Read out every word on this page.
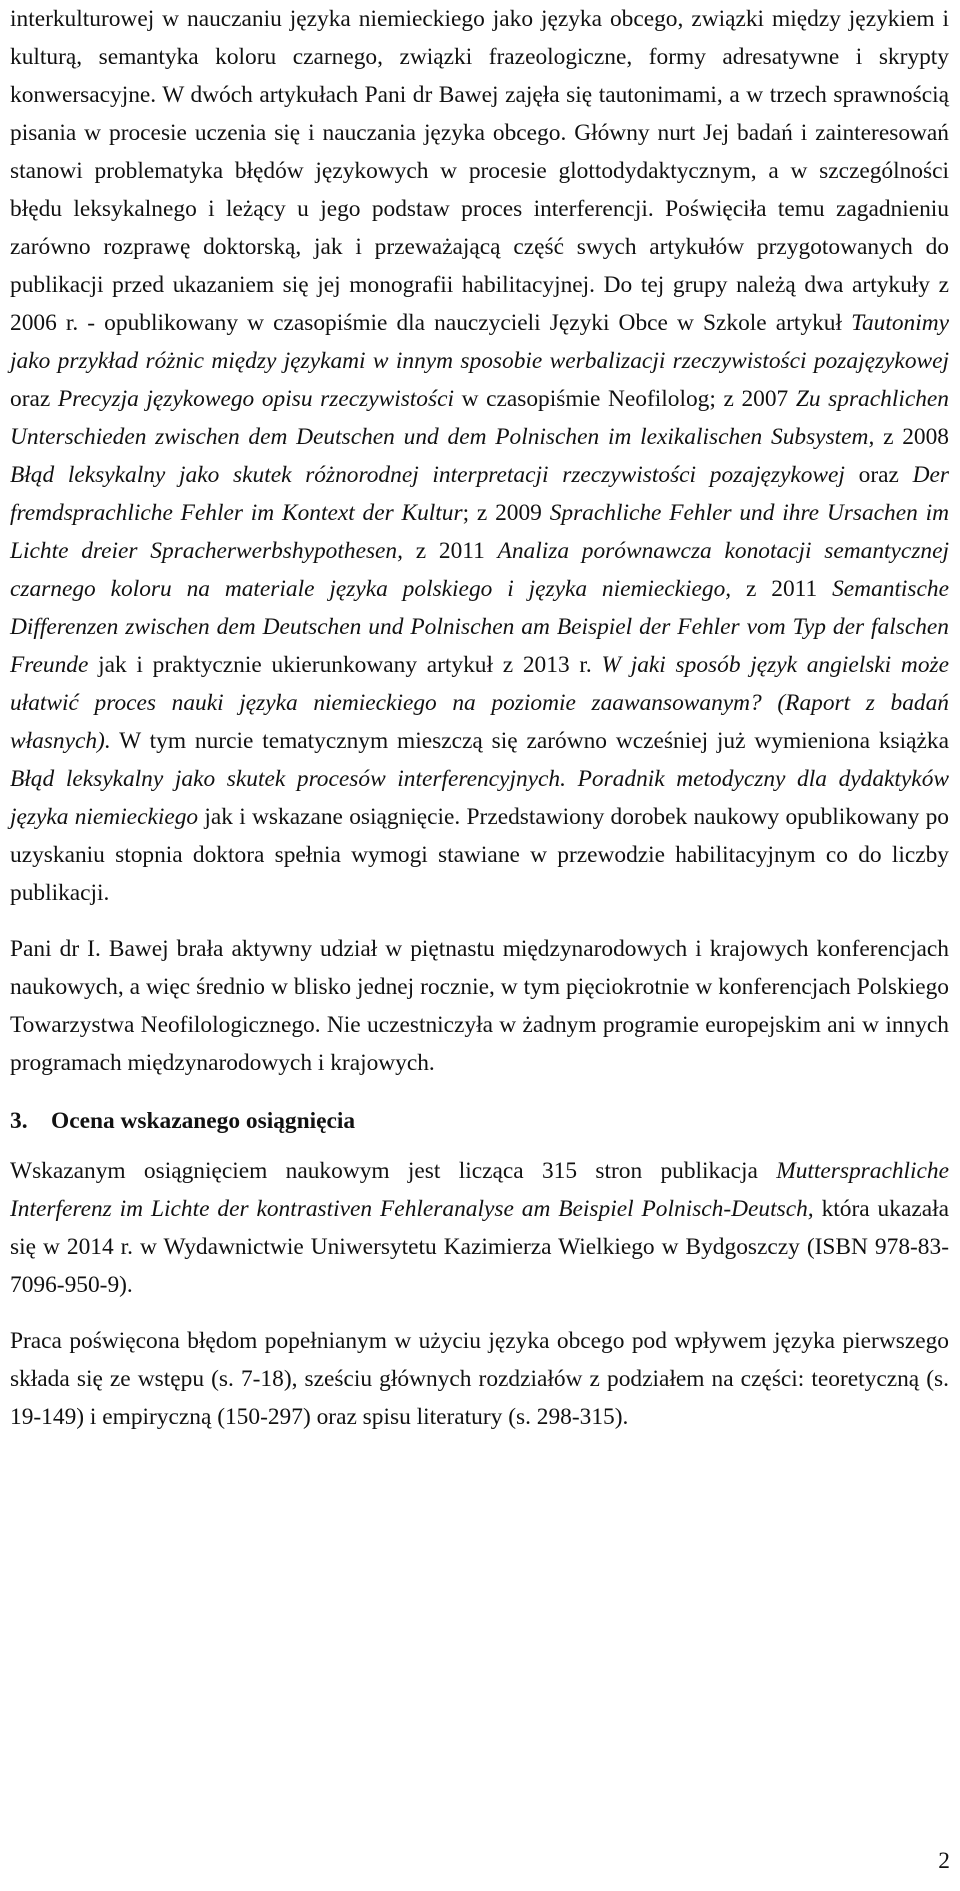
interkulturowej w nauczaniu języka niemieckiego jako języka obcego, związki między językiem i kulturą, semantyka koloru czarnego, związki frazeologiczne, formy adresatywne i skrypty konwersacyjne. W dwóch artykułach Pani dr Bawej zajęła się tautonimami, a w trzech sprawnością pisania w procesie uczenia się i nauczania języka obcego. Główny nurt Jej badań i zainteresowań stanowi problematyka błędów językowych w procesie glottodydaktycznym, a w szczególności błędu leksykalnego i leżący u jego podstaw proces interferencji. Poświęciła temu zagadnieniu zarówno rozprawę doktorską, jak i przeważającą część swych artykułów przygotowanych do publikacji przed ukazaniem się jej monografii habilitacyjnej. Do tej grupy należą dwa artykuły z 2006 r. - opublikowany w czasopiśmie dla nauczycieli Języki Obce w Szkole artykuł Tautonimy jako przykład różnic między językami w innym sposobie werbalizacji rzeczywistości pozajęzykowej oraz Precyzja językowego opisu rzeczywistości w czasopiśmie Neofilolog; z 2007 Zu sprachlichen Unterschieden zwischen dem Deutschen und dem Polnischen im lexikalischen Subsystem, z 2008 Błąd leksykalny jako skutek różnorodnej interpretacji rzeczywistości pozajęzykowej oraz Der fremdsprachliche Fehler im Kontext der Kultur; z 2009 Sprachliche Fehler und ihre Ursachen im Lichte dreier Spracherwerbshypothesen, z 2011 Analiza porównawcza konotacji semantycznej czarnego koloru na materiale języka polskiego i języka niemieckiego, z 2011 Semantische Differenzen zwischen dem Deutschen und Polnischen am Beispiel der Fehler vom Typ der falschen Freunde jak i praktycznie ukierunkowany artykuł z 2013 r. W jaki sposób język angielski może ułatwić proces nauki języka niemieckiego na poziomie zaawansowanym? (Raport z badań własnych). W tym nurcie tematycznym mieszczą się zarówno wcześniej już wymieniona książka Błąd leksykalny jako skutek procesów interferencyjnych. Poradnik metodyczny dla dydaktyków języka niemieckiego jak i wskazane osiągnięcie. Przedstawiony dorobek naukowy opublikowany po uzyskaniu stopnia doktora spełnia wymogi stawiane w przewodzie habilitacyjnym co do liczby publikacji.

Pani dr I. Bawej brała aktywny udział w piętnastu międzynarodowych i krajowych konferencjach naukowych, a więc średnio w blisko jednej rocznie, w tym pięciokrotnie w konferencjach Polskiego Towarzystwa Neofilologicznego. Nie uczestniczyła w żadnym programie europejskim ani w innych programach międzynarodowych i krajowych.

3. Ocena wskazanego osiągnięcia

Wskazanym osiągnięciem naukowym jest licząca 315 stron publikacja Muttersprachliche Interferenz im Lichte der kontrastiven Fehleranalyse am Beispiel Polnisch-Deutsch, która ukazała się w 2014 r. w Wydawnictwie Uniwersytetu Kazimierza Wielkiego w Bydgoszczy (ISBN 978-83-7096-950-9).

Praca poświęcona błędom popełnianym w użyciu języka obcego pod wpływem języka pierwszego składa się ze wstępu (s. 7-18), sześciu głównych rozdziałów z podziałem na części: teoretyczną (s. 19-149) i empiryczną (150-297) oraz spisu literatury (s. 298-315).

2
